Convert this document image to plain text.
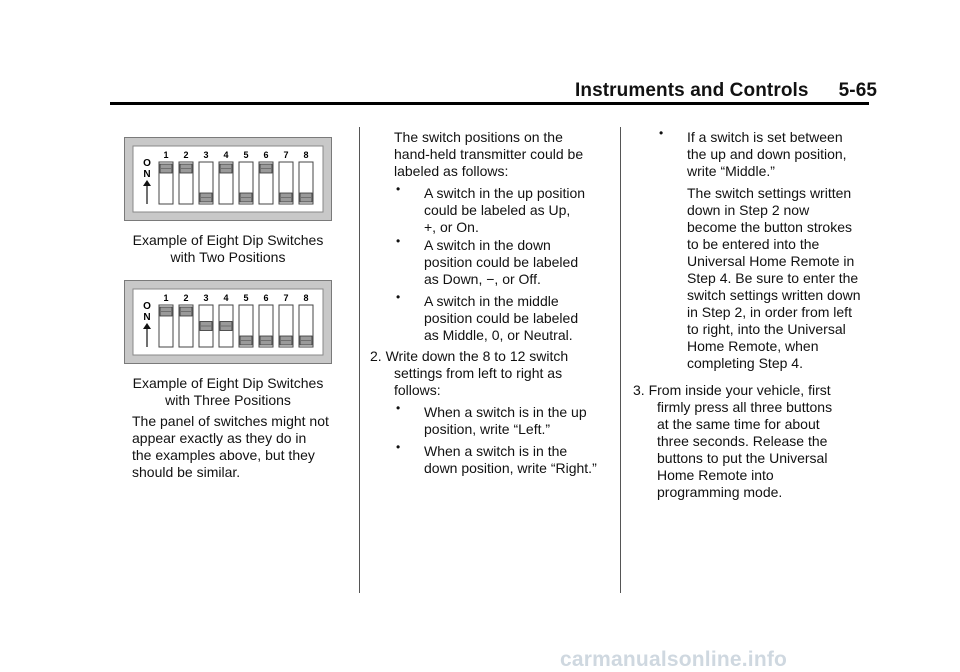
Instruments and Controls 5-65
O
N
1 2 3 4 5 6 7 8
Example of Eight Dip Switches
with Two Positions
O
N
1 2 3 4 5 6 7 8
Example of Eight Dip Switches
with Three Positions
The panel of switches might not
appear exactly as they do in
the examples above, but they
should be similar.
The switch positions on the
hand-held transmitter could be
labeled as follows:
• A switch in the up position
could be labeled as Up,
+, or On.
• A switch in the down
position could be labeled
as Down, −, or Off.
• A switch in the middle
position could be labeled
as Middle, 0, or Neutral.
2. Write down the 8 to 12 switch
settings from left to right as
follows:
• When a switch is in the up
position, write “Left.”
• When a switch is in the
down position, write “Right.”
• If a switch is set between
the up and down position,
write “Middle.”
The switch settings written
down in Step 2 now
become the button strokes
to be entered into the
Universal Home Remote in
Step 4. Be sure to enter the
switch settings written down
in Step 2, in order from left
to right, into the Universal
Home Remote, when
completing Step 4.
3. From inside your vehicle, first
firmly press all three buttons
at the same time for about
three seconds. Release the
buttons to put the Universal
Home Remote into
programming mode.
carmanualsonline.info
